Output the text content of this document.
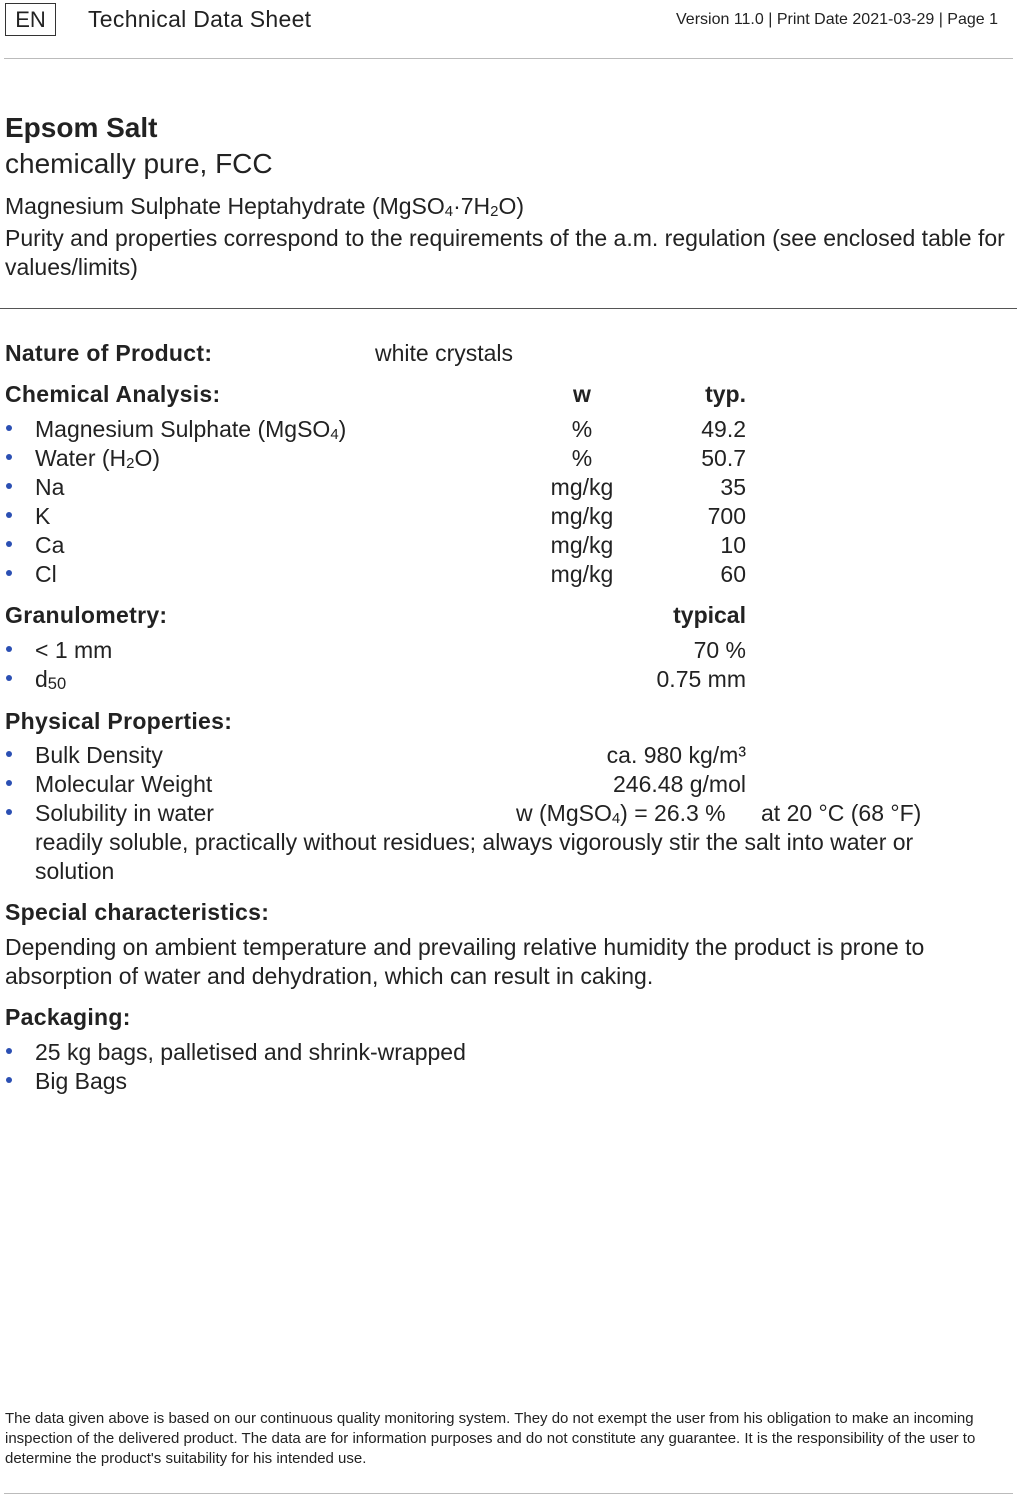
EN	Technical Data Sheet	Version 11.0 | Print Date 2021-03-29 | Page 1
Epsom Salt
chemically pure, FCC
Magnesium Sulphate Heptahydrate $(MgSO_4\cdot 7H_2O)$
Purity and properties correspond to the requirements of the a.m. regulation (see enclosed table for values/limits)
Nature of Product:	white crystals
Chemical Analysis:	w	typ.
Magnesium Sulphate (MgSO$_4$)	%	49.2
Water $(H_2O)$	%	50.7
Na	mg/kg	35
K	mg/kg	700
Ca	mg/kg	10
Cl	mg/kg	60
Granulometry:	typical
< 1 mm	70 %
$d_{50}$	0.75 mm
Physical Properties:
Bulk Density	ca. 980 kg/m³
Molecular Weight	246.48 g/mol
Solubility in water	w (MgSO$_4$) = 26.3 % at 20 °C (68 °F)
readily soluble, practically without residues; always vigorously stir the salt into water or solution
Special characteristics:
Depending on ambient temperature and prevailing relative humidity the product is prone to absorption of water and dehydration, which can result in caking.
Packaging:
25 kg bags, palletised and shrink-wrapped
Big Bags
The data given above is based on our continuous quality monitoring system. They do not exempt the user from his obligation to make an incoming inspection of the delivered product. The data are for information purposes and do not constitute any guarantee. It is the responsibility of the user to determine the product's suitability for his intended use.
